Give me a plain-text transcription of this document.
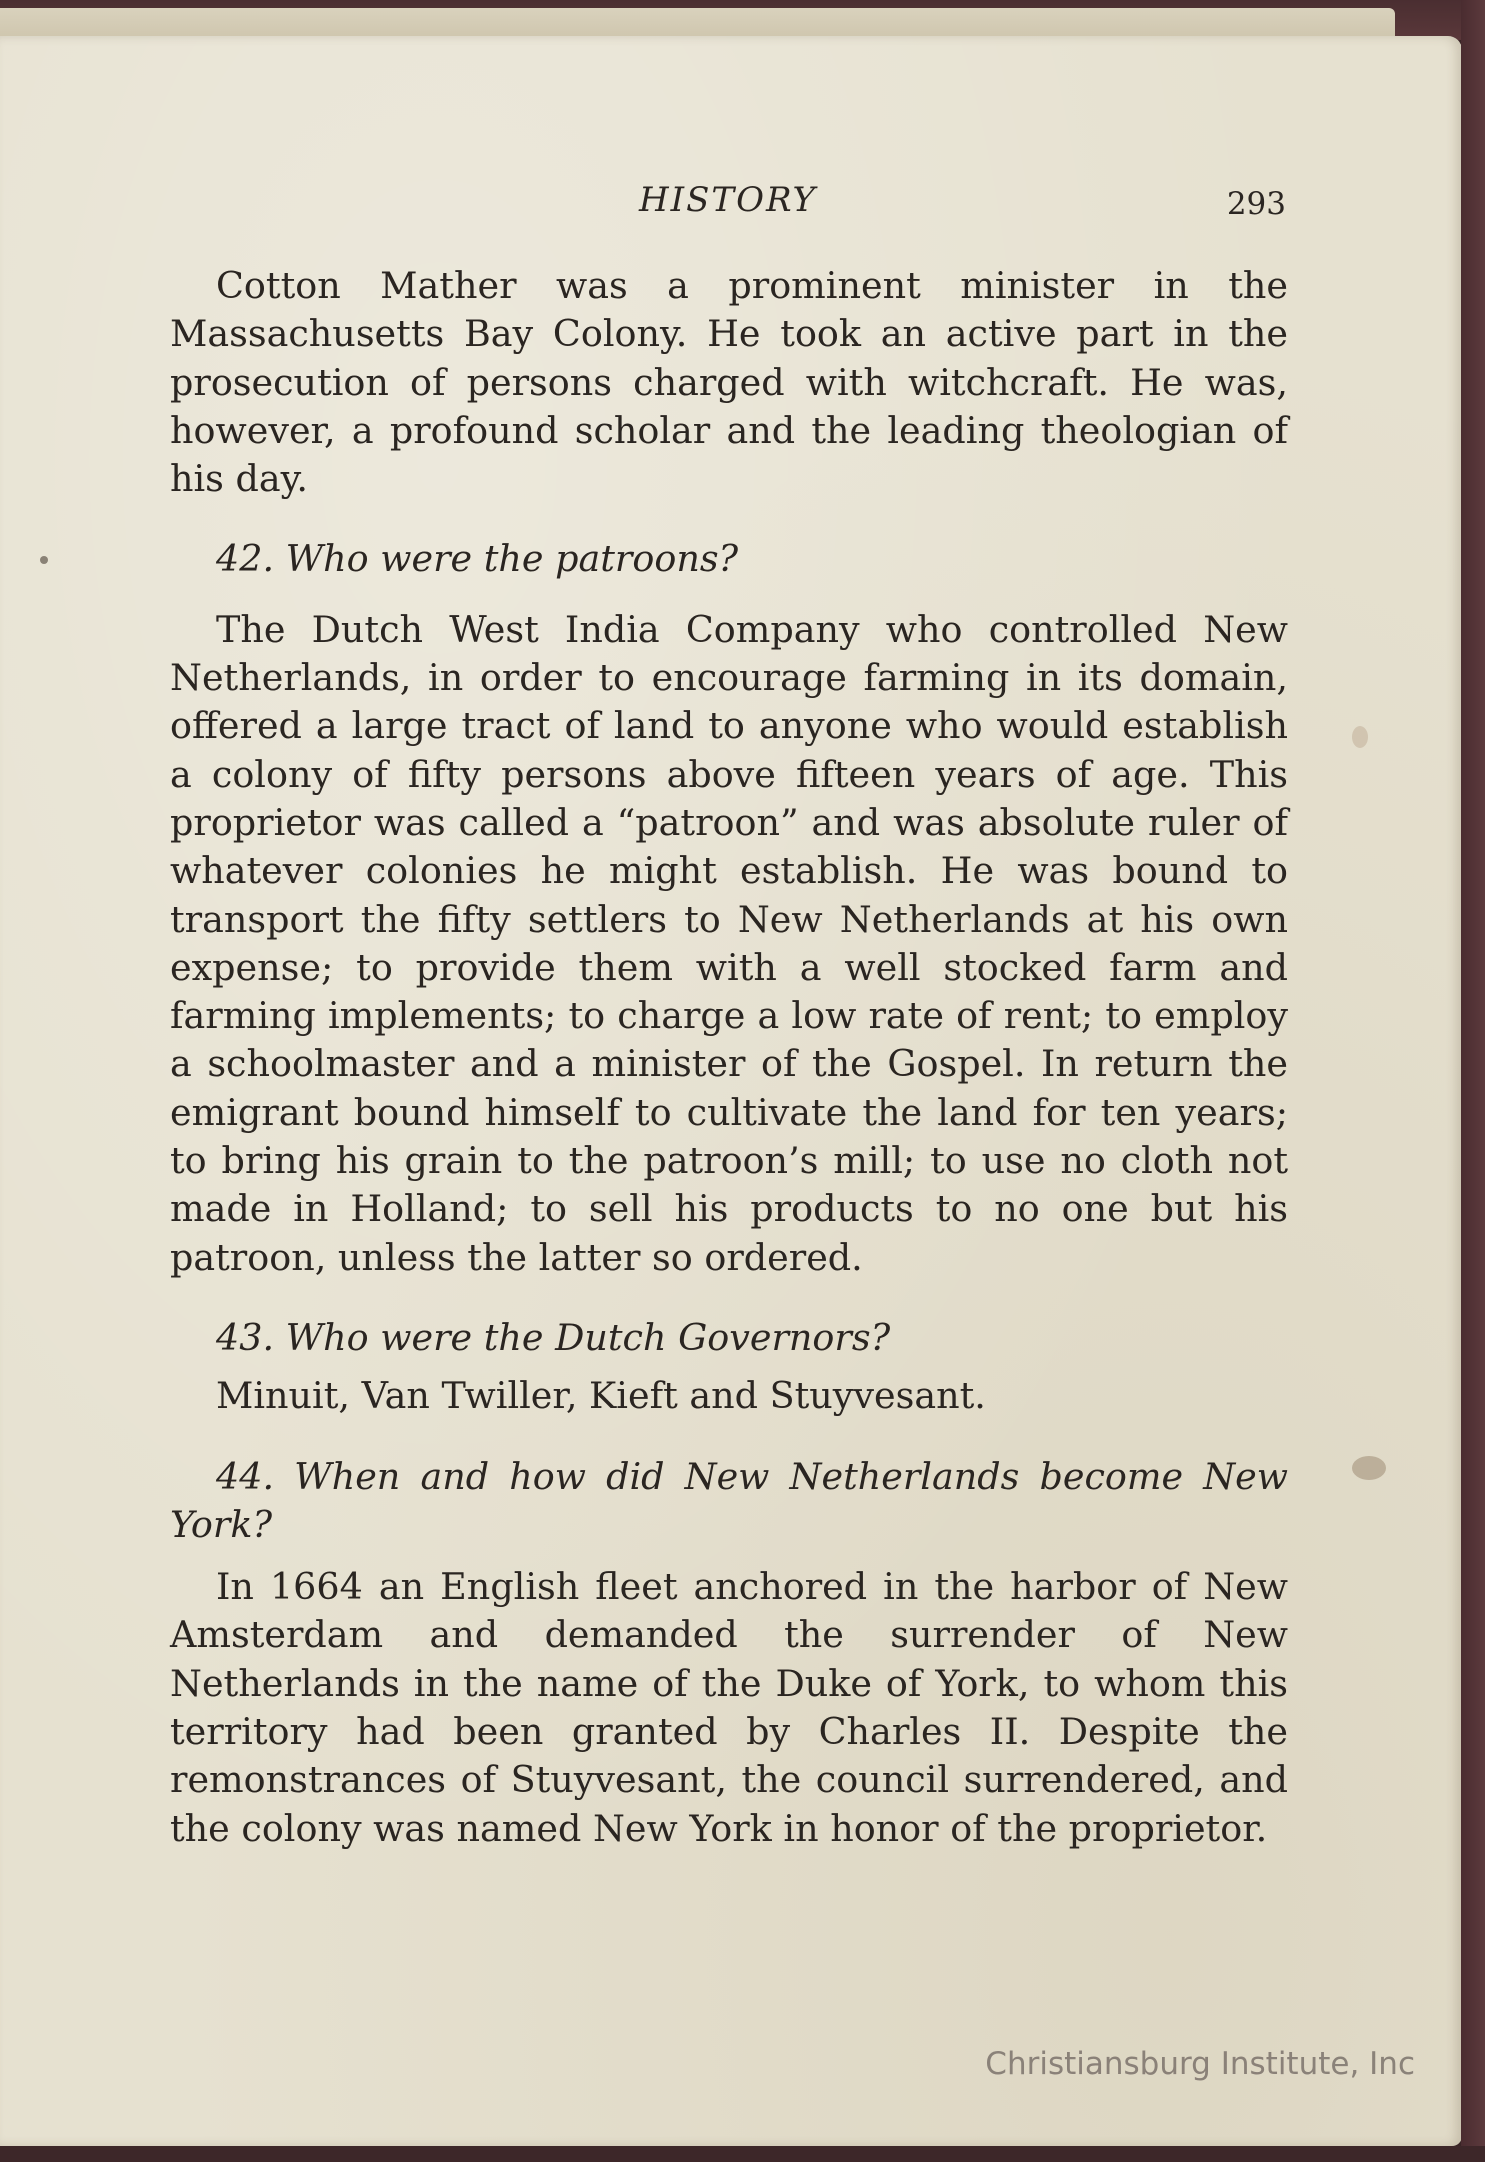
HISTORY	293

Cotton Mather was a prominent minister in the Massachusetts Bay Colony. He took an active part in the prosecution of persons charged with witchcraft. He was, however, a profound scholar and the leading theologian of his day.

42. Who were the patroons?

The Dutch West India Company who controlled New Netherlands, in order to encourage farming in its domain, offered a large tract of land to anyone who would establish a colony of fifty persons above fifteen years of age. This proprietor was called a “patroon” and was absolute ruler of whatever colonies he might establish. He was bound to transport the fifty settlers to New Netherlands at his own expense; to provide them with a well stocked farm and farming implements; to charge a low rate of rent; to employ a schoolmaster and a minister of the Gospel. In return the emigrant bound himself to cultivate the land for ten years; to bring his grain to the patroon’s mill; to use no cloth not made in Holland; to sell his products to no one but his patroon, unless the latter so ordered.

43. Who were the Dutch Governors?

Minuit, Van Twiller, Kieft and Stuyvesant.

44. When and how did New Netherlands become New York?

In 1664 an English fleet anchored in the harbor of New Amsterdam and demanded the surrender of New Netherlands in the name of the Duke of York, to whom this territory had been granted by Charles II. Despite the remonstrances of Stuyvesant, the council surrendered, and the colony was named New York in honor of the proprietor.

Christiansburg Institute, Inc
